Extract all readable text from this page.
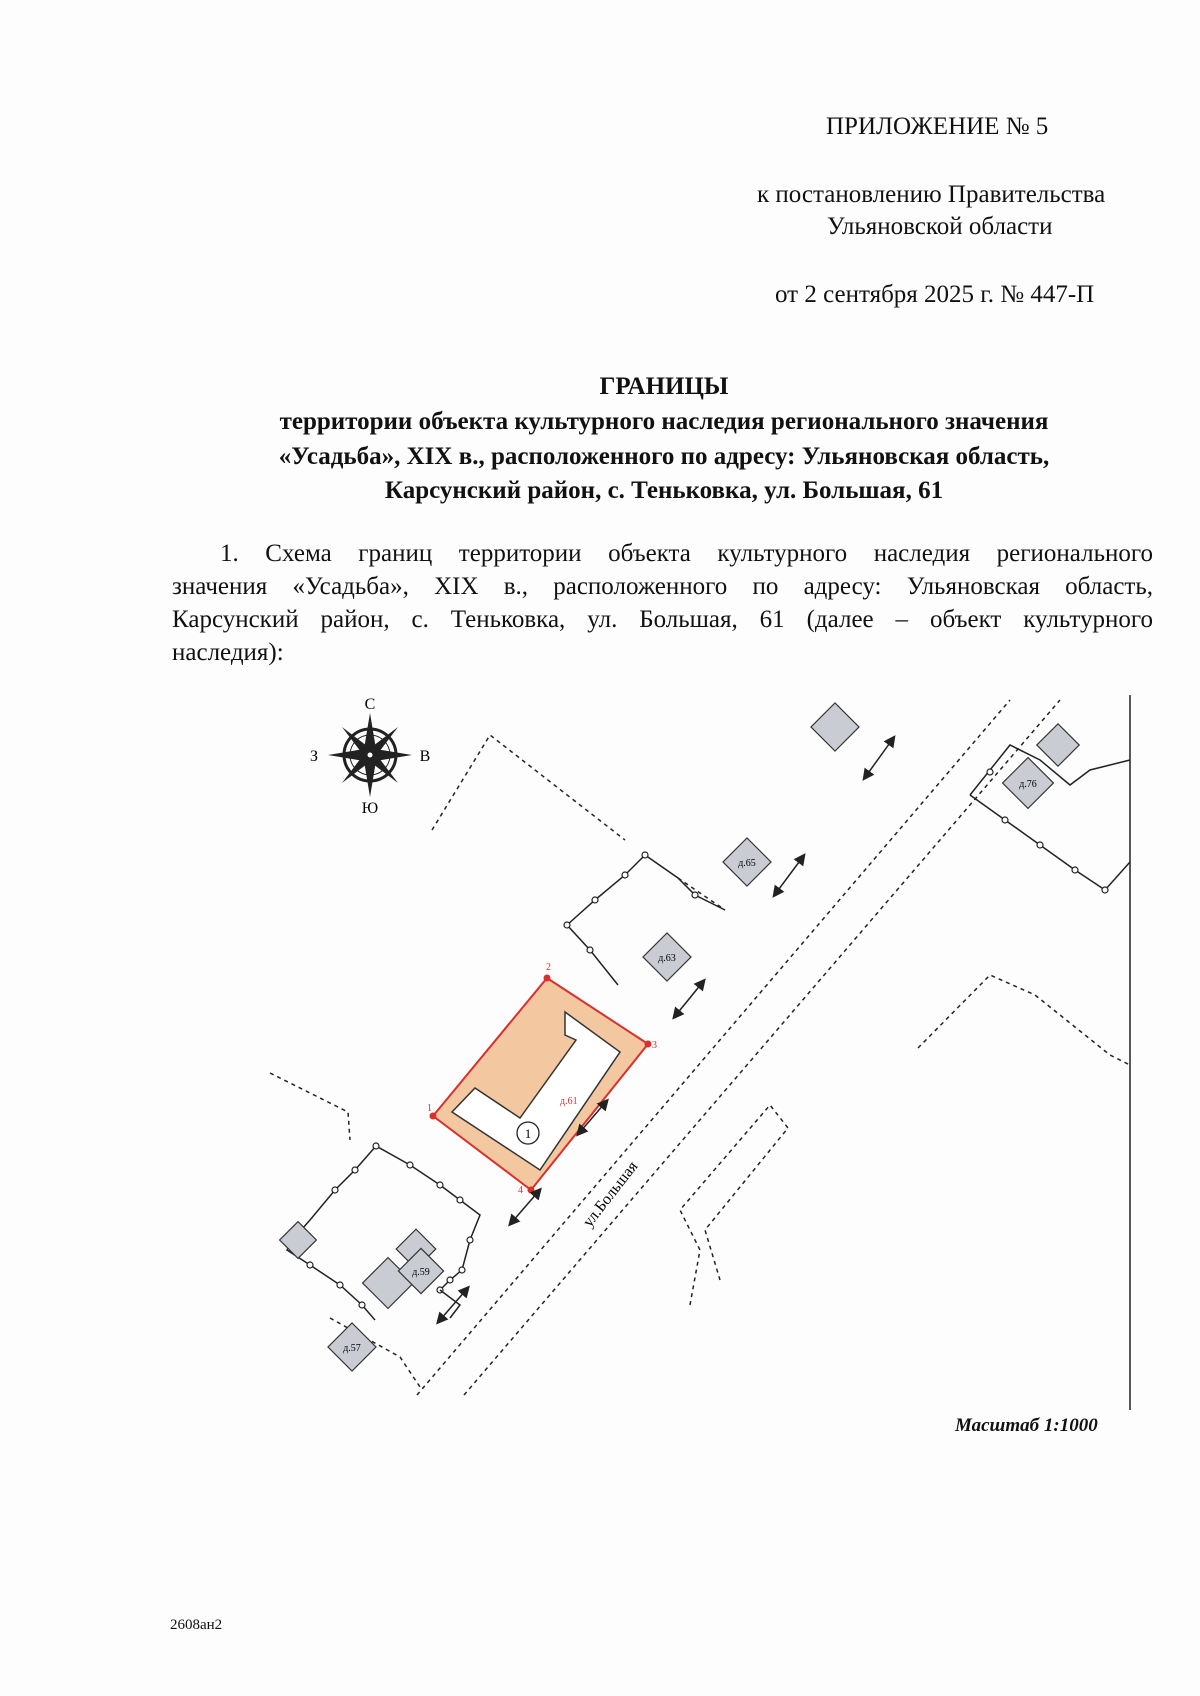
ПРИЛОЖЕНИЕ № 5
к постановлению Правительства
Ульяновской области
от 2 сентября 2025 г. № 447-П
ГРАНИЦЫ
территории объекта культурного наследия регионального значения
«Усадьба», XIX в., расположенного по адресу: Ульяновская область,
Карсунский район, с. Теньковка, ул. Большая, 61
1. Схема границ территории объекта культурного наследия регионального
значения «Усадьба», XIX в., расположенного по адресу: Ульяновская область,
Карсунский район, с. Теньковка, ул. Большая, 61 (далее – объект культурного
наследия):
д.65
д.76
д.63
д.61
1
1
2
3
4	ул.Большая
д.59
д.57
С
Ю
З	В
Масштаб 1:1000
2608ан2
